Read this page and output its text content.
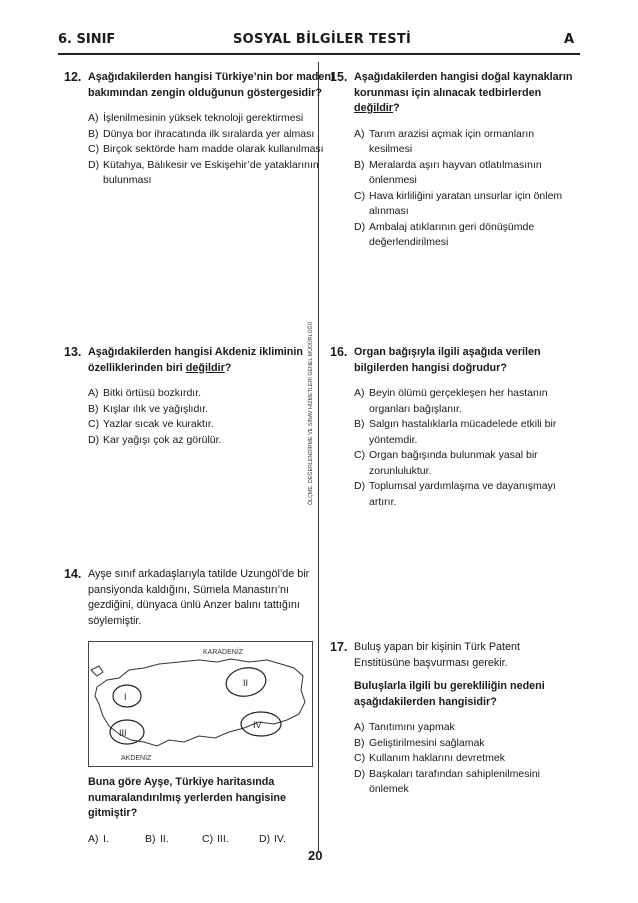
6. SINIF	SOSYAL BİLGİLER TESTİ	A
ÖLÇME, DEĞERLENDİRME VE SINAV HİZMETLERİ GENEL MÜDÜRLÜĞÜ
12. Aşağıdakilerden hangisi Türkiye’nin bor madeni bakımından zengin olduğunun göstergesidir?
A) İşlenilmesinin yüksek teknoloji gerektirmesi
B) Dünya bor ihracatında ilk sıralarda yer alması
C) Birçok sektörde ham madde olarak kullanılması
D) Kütahya, Balıkesir ve Eskişehir’de yataklarının bulunması
13. Aşağıdakilerden hangisi Akdeniz ikliminin özelliklerinden biri değildir?
A) Bitki örtüsü bozkırdır.
B) Kışlar ılık ve yağışlıdır.
C) Yazlar sıcak ve kuraktır.
D) Kar yağışı çok az görülür.
14. Ayşe sınıf arkadaşlarıyla tatilde Uzungöl’de bir pansiyonda kaldığını, Sümela Manastırı’nı gezdiğini, dünyaca ünlü Anzer balını tattığını söylemiştir.
KARADENİZ
AKDENİZ
I
II
III
IV
Buna göre Ayşe, Türkiye haritasında numaralandırılmış yerlerden hangisine gitmiştir?
A) I.	B) II.	C) III.	D) IV.
15. Aşağıdakilerden hangisi doğal kaynakların korunması için alınacak tedbirlerden değildir?
A) Tarım arazisi açmak için ormanların kesilmesi
B) Meralarda aşırı hayvan otlatılmasının önlenmesi
C) Hava kirliliğini yaratan unsurlar için önlem alınması
D) Ambalaj atıklarının geri dönüşümde değerlendirilmesi
16. Organ bağışıyla ilgili aşağıda verilen bilgilerden hangisi doğrudur?
A) Beyin ölümü gerçekleşen her hastanın organları bağışlanır.
B) Salgın hastalıklarla mücadelede etkili bir yöntemdir.
C) Organ bağışında bulunmak yasal bir zorunluluktur.
D) Toplumsal yardımlaşma ve dayanışmayı artırır.
17. Buluş yapan bir kişinin Türk Patent Enstitüsüne başvurması gerekir.
Buluşlarla ilgili bu gerekliliğin nedeni aşağıdakilerden hangisidir?
A) Tanıtımını yapmak
B) Geliştirilmesini sağlamak
C) Kullanım haklarını devretmek
D) Başkaları tarafından sahiplenilmesini önlemek
20
